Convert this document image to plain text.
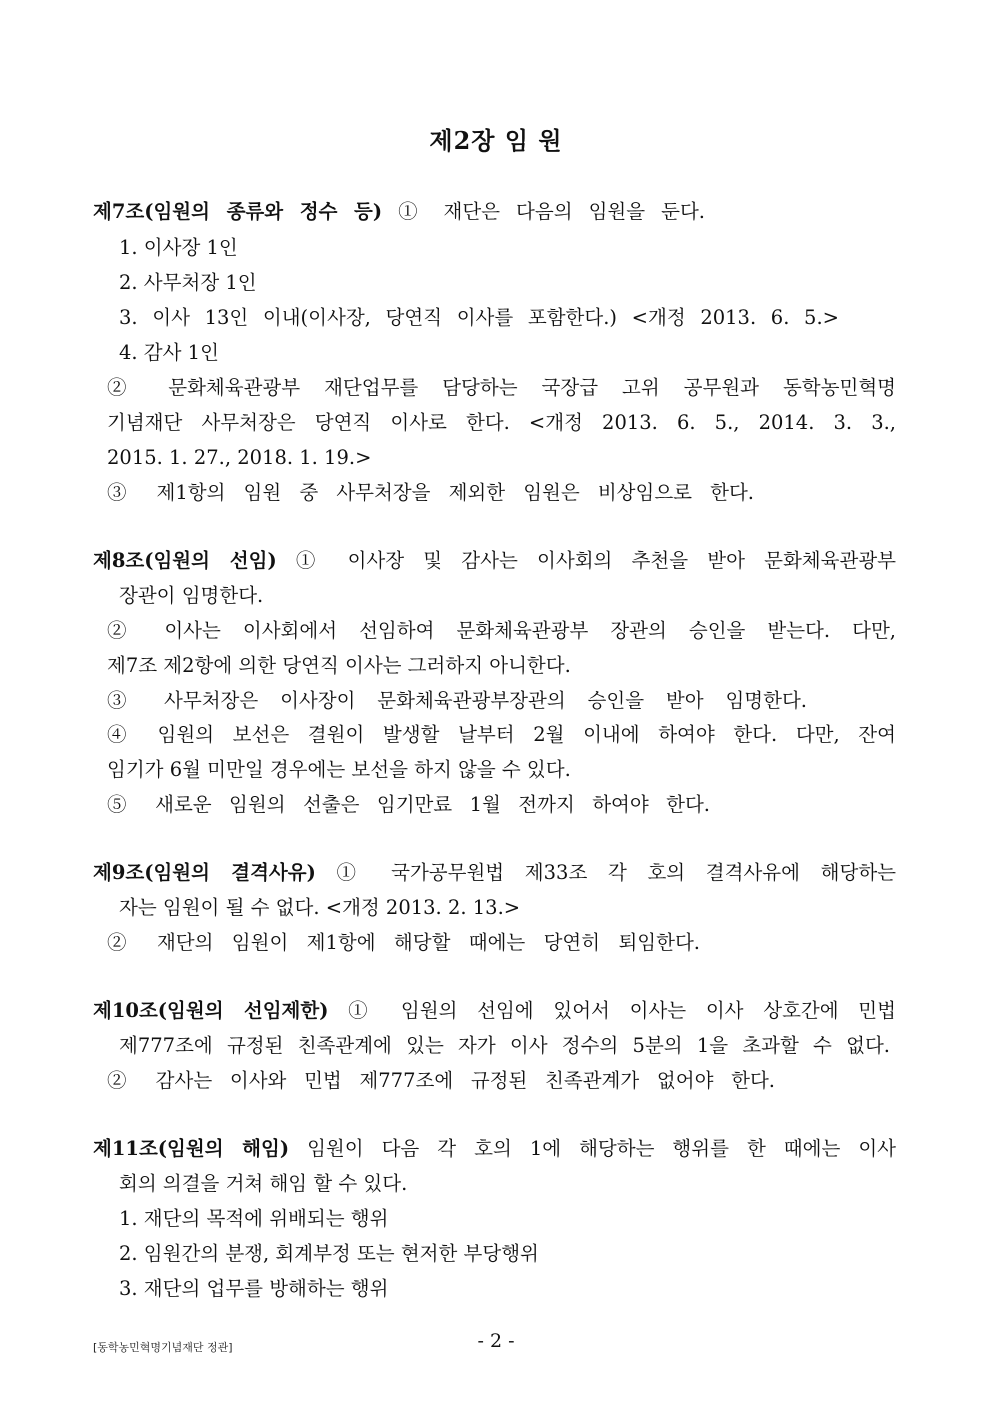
제2장 임 원
제7조(임원의 종류와 정수 등) ① 재단은 다음의 임원을 둔다.
1. 이사장 1인
2. 사무처장 1인
3. 이사 13인 이내(이사장, 당연직 이사를 포함한다.) <개정 2013. 6. 5.>
4. 감사 1인
② 문화체육관광부 재단업무를 담당하는 국장급 고위 공무원과 동학농민혁명
기념재단 사무처장은 당연직 이사로 한다. <개정 2013. 6. 5., 2014. 3. 3.,
2015. 1. 27., 2018. 1. 19.>
③ 제1항의 임원 중 사무처장을 제외한 임원은 비상임으로 한다.
제8조(임원의 선임) ① 이사장 및 감사는 이사회의 추천을 받아 문화체육관광부
장관이 임명한다.
② 이사는 이사회에서 선임하여 문화체육관광부 장관의 승인을 받는다. 다만,
제7조 제2항에 의한 당연직 이사는 그러하지 아니한다.
③ 사무처장은 이사장이 문화체육관광부장관의 승인을 받아 임명한다.
④ 임원의 보선은 결원이 발생할 날부터 2월 이내에 하여야 한다. 다만, 잔여
임기가 6월 미만일 경우에는 보선을 하지 않을 수 있다.
⑤ 새로운 임원의 선출은 임기만료 1월 전까지 하여야 한다.
제9조(임원의 결격사유) ① 국가공무원법 제33조 각 호의 결격사유에 해당하는
자는 임원이 될 수 없다. <개정 2013. 2. 13.>
② 재단의 임원이 제1항에 해당할 때에는 당연히 퇴임한다.
제10조(임원의 선임제한) ① 임원의 선임에 있어서 이사는 이사 상호간에 민법
제777조에 규정된 친족관계에 있는 자가 이사 정수의 5분의 1을 초과할 수 없다.
② 감사는 이사와 민법 제777조에 규정된 친족관계가 없어야 한다.
제11조(임원의 해임) 임원이 다음 각 호의 1에 해당하는 행위를 한 때에는 이사
회의 의결을 거쳐 해임 할 수 있다.
1. 재단의 목적에 위배되는 행위
2. 임원간의 분쟁, 회계부정 또는 현저한 부당행위
3. 재단의 업무를 방해하는 행위
[동학농민혁명기념재단 정관]	- 2 -
